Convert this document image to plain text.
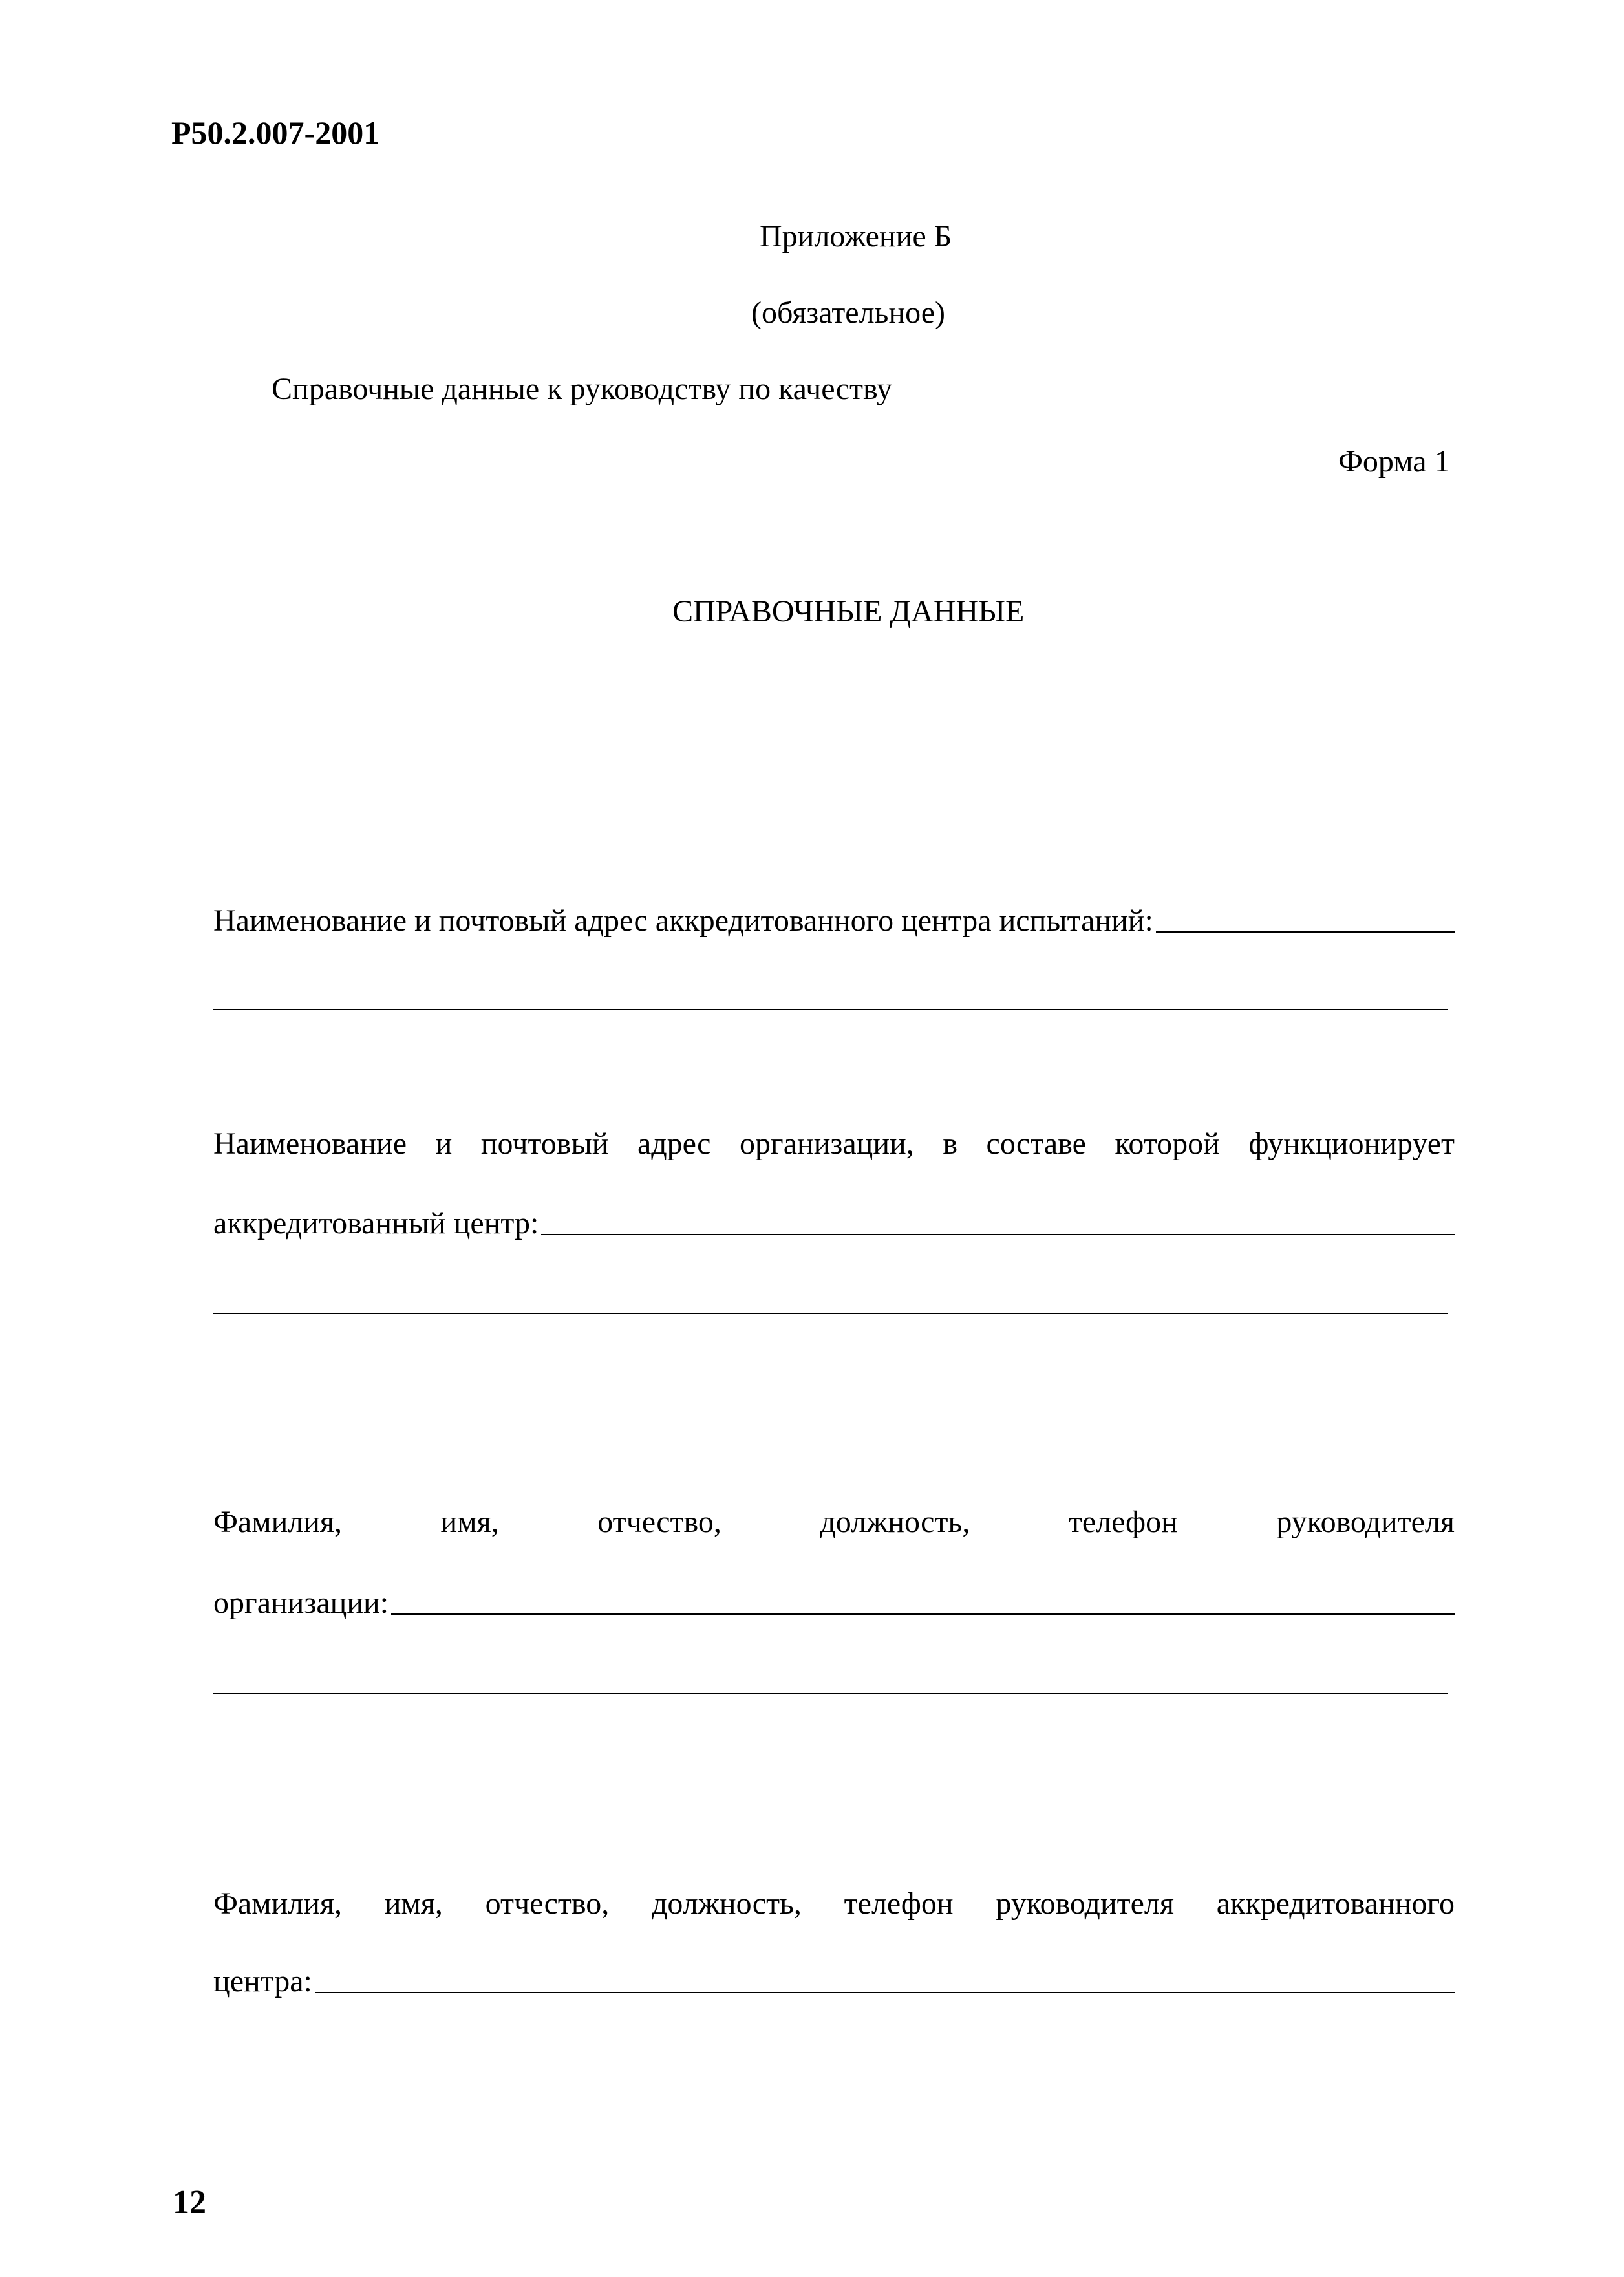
Р50.2.007-2001
Приложение Б
(обязательное)
Справочные данные к руководству по качеству
Форма 1
СПРАВОЧНЫЕ ДАННЫЕ
Наименование и почтовый адрес аккредитованного центра испытаний:
Наименование и почтовый адрес организации, в составе которой функционирует
аккредитованный центр:
Фамилия,	имя,	отчество,	должность,	телефон	руководителя
организации:
Фамилия, имя, отчество, должность, телефон руководителя аккредитованного
центра:
12
